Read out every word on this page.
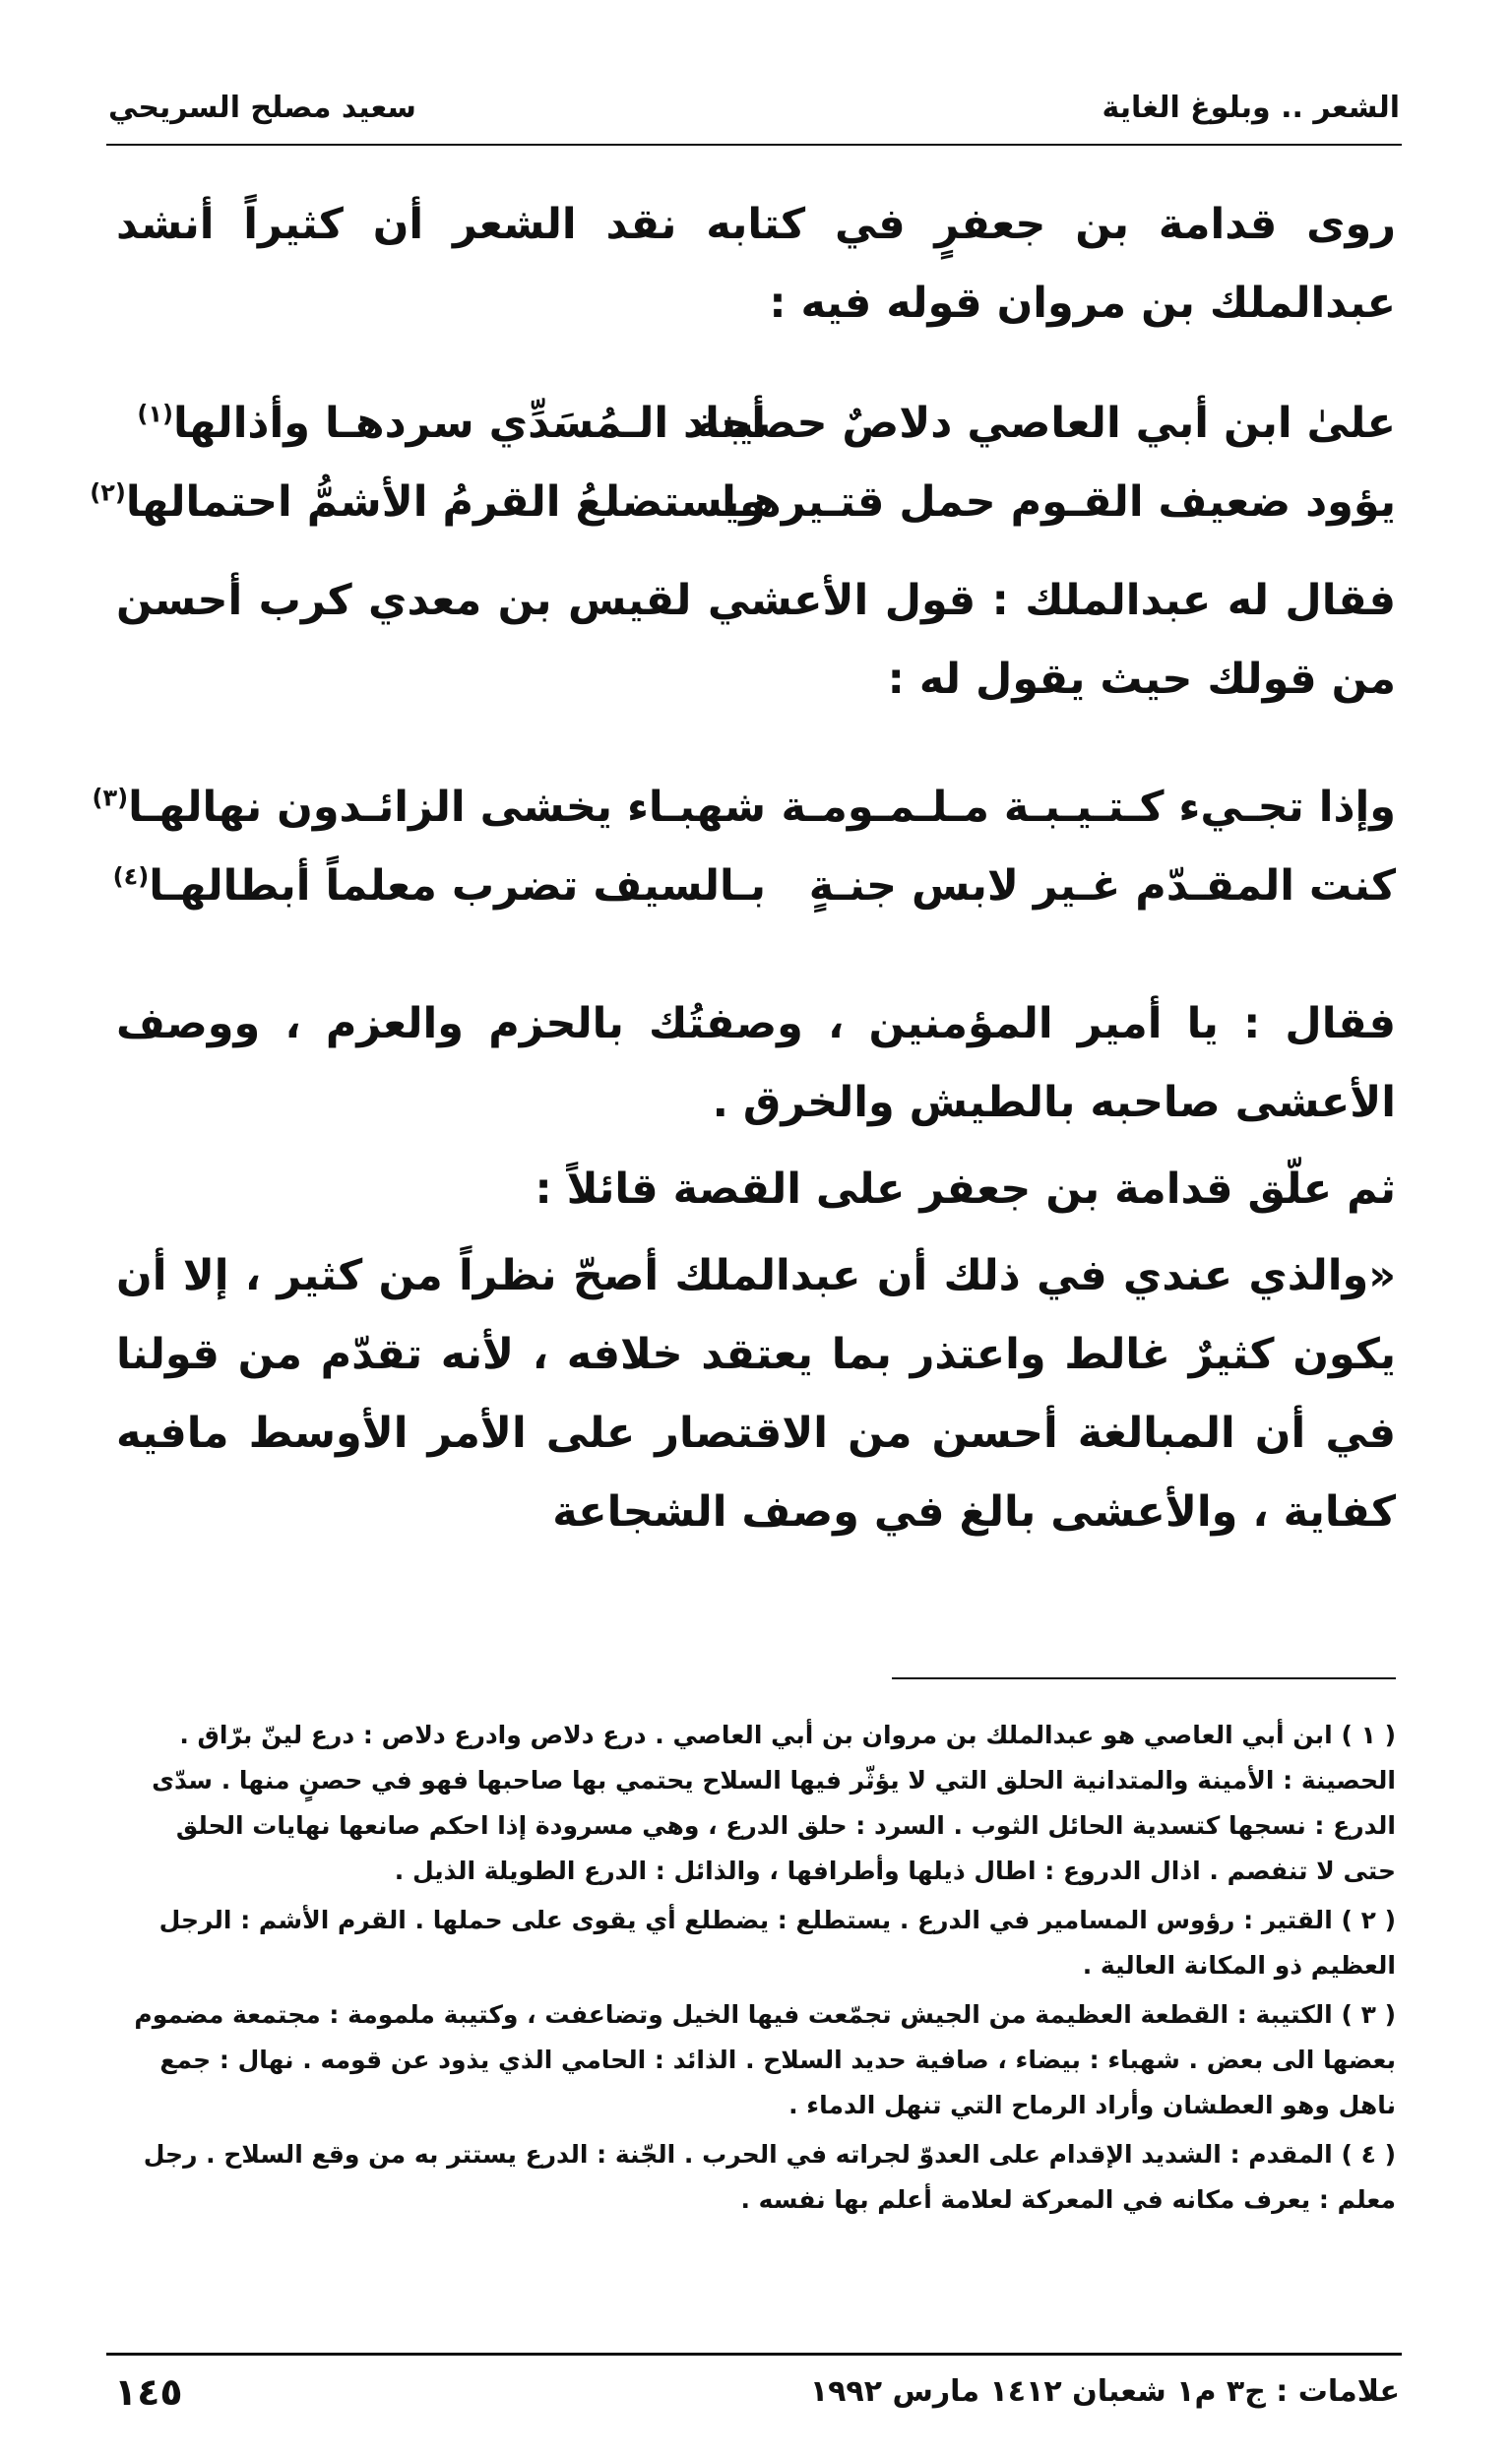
الشعر .. وبلوغ الغاية
سعيد مصلح السريحي

روى قدامة بن جعفرٍ في كتابه نقد الشعر أن كثيراً أنشد عبدالملك بن مروان قوله فيه :

علىٰ ابن أبي العاصي دلاصٌ حصينة
أجاد الـمُسَدِّي سردهـا وأذالها$^{(١)}$
يؤود ضعيف القـوم حمل قتـيرهـا
ويستضلعُ القرمُ الأشمُّ احتمالها$^{(٢)}$

فقال له عبدالملك : قول الأعشي لقيس بن معدي كرب أحسن من قولك حيث يقول له :

وإذا تجـيء كـتـيـبـة مـلـمـومـة
شهبـاء يخشى الزائـدون نهالهـا$^{(٣)}$
كنت المقـدّم غـير لابس جنـةٍ
بـالسيف تضرب معلماً أبطالهـا$^{(٤)}$

فقال : يا أمير المؤمنين ، وصفتُك بالحزم والعزم ، ووصف الأعشى صاحبه بالطيش والخرق .

ثم علّق قدامة بن جعفر على القصة قائلاً :

«والذي عندي في ذلك أن عبدالملك أصحّ نظراً من كثير ، إلا أن يكون كثيرٌ غالط واعتذر بما يعتقد خلافه ، لأنه تقدّم من قولنا في أن المبالغة أحسن من الاقتصار على الأمر الأوسط مافيه كفاية ، والأعشى بالغ في وصف الشجاعة

( ١ ) ابن أبي العاصي هو عبدالملك بن مروان بن أبي العاصي . درع دلاص وادرع دلاص : درع لينّ برّاق . الحصينة : الأمينة والمتدانية الحلق التي لا يؤثّر فيها السلاح يحتمي بها صاحبها فهو في حصنٍ منها . سدّى الدرع : نسجها كتسدية الحائل الثوب . السرد : حلق الدرع ، وهي مسرودة إذا احكم صانعها نهايات الحلق حتى لا تنفصم . اذال الدروع : اطال ذيلها وأطرافها ، والذائل : الدرع الطويلة الذيل .

( ٢ ) القتير : رؤوس المسامير في الدرع . يستطلع : يضطلع أي يقوى على حملها . القرم الأشم : الرجل العظيم ذو المكانة العالية .

( ٣ ) الكتيبة : القطعة العظيمة من الجيش تجمّعت فيها الخيل وتضاعفت ، وكتيبة ملمومة : مجتمعة مضموم بعضها الى بعض . شهباء : بيضاء ، صافية حديد السلاح . الذائد : الحامي الذي يذود عن قومه . نهال : جمع ناهل وهو العطشان وأراد الرماح التي تنهل الدماء .

( ٤ ) المقدم : الشديد الإقدام على العدوّ لجراته في الحرب . الجّنة : الدرع يستتر به من وقع السلاح . رجل معلم : يعرف مكانه في المعركة لعلامة أعلم بها نفسه .

علامات : ج٣ م١ شعبان ١٤١٢ مارس ١٩٩٢
١٤٥
